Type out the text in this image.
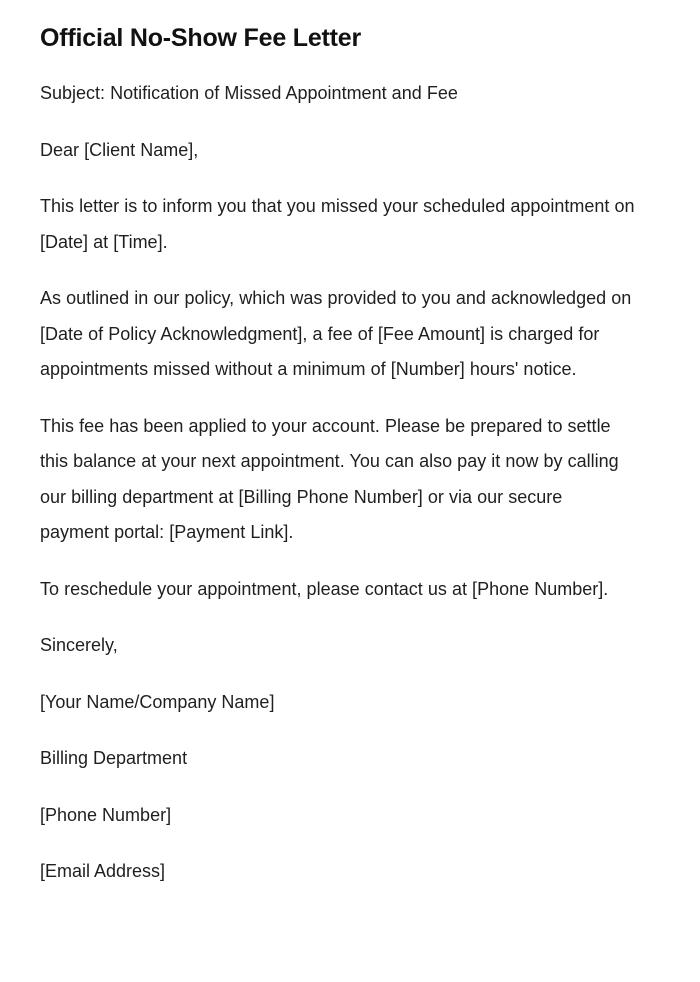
Official No-Show Fee Letter

Subject: Notification of Missed Appointment and Fee

Dear [Client Name],

This letter is to inform you that you missed your scheduled appointment on [Date] at [Time].

As outlined in our policy, which was provided to you and acknowledged on [Date of Policy Acknowledgment], a fee of [Fee Amount] is charged for appointments missed without a minimum of [Number] hours' notice.

This fee has been applied to your account. Please be prepared to settle this balance at your next appointment. You can also pay it now by calling our billing department at [Billing Phone Number] or via our secure payment portal: [Payment Link].

To reschedule your appointment, please contact us at [Phone Number].

Sincerely,

[Your Name/Company Name]

Billing Department

[Phone Number]

[Email Address]
